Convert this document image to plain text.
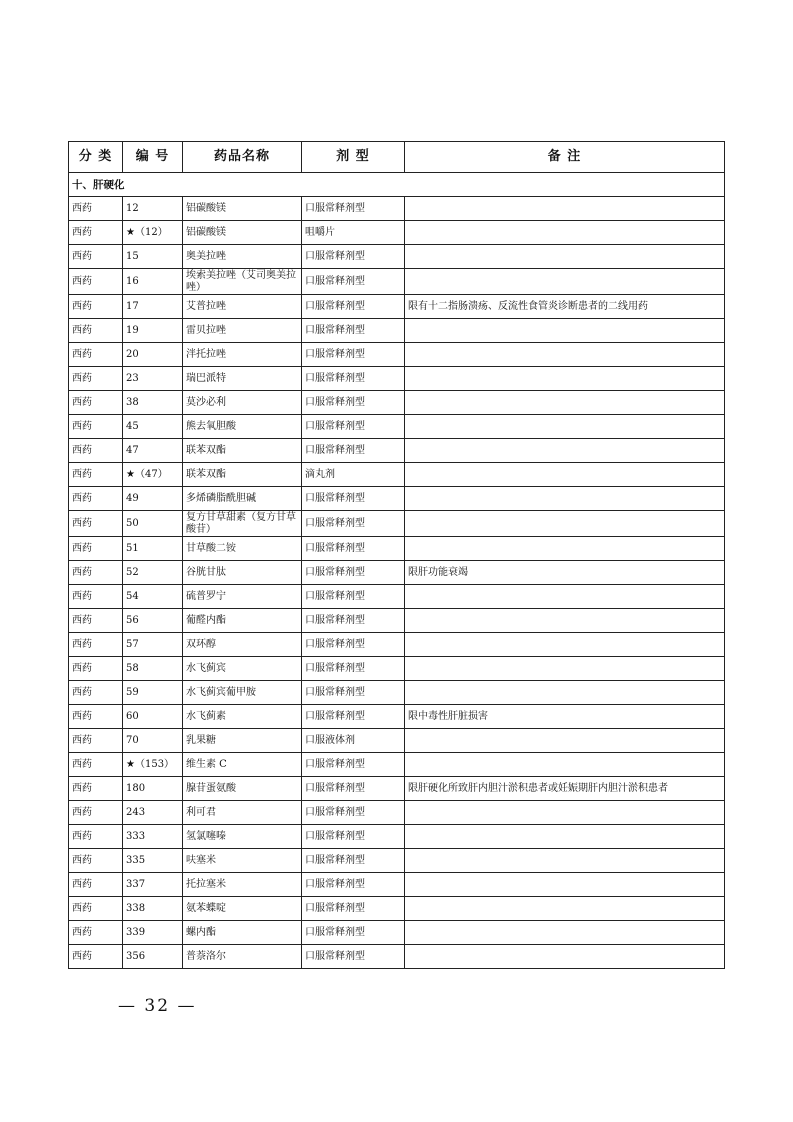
分 类	编 号	药品名称	剂 型	备 注
十、肝硬化				
西药	12	铝碳酸镁	口服常释剂型	
西药	★（12）	铝碳酸镁	咀嚼片	
西药	15	奥美拉唑	口服常释剂型	
西药	16	埃索美拉唑（艾司奥美拉唑）	口服常释剂型	
西药	17	艾普拉唑	口服常释剂型	限有十二指肠溃疡、反流性食管炎诊断患者的二线用药
西药	19	雷贝拉唑	口服常释剂型	
西药	20	泮托拉唑	口服常释剂型	
西药	23	瑞巴派特	口服常释剂型	
西药	38	莫沙必利	口服常释剂型	
西药	45	熊去氧胆酸	口服常释剂型	
西药	47	联苯双酯	口服常释剂型	
西药	★（47）	联苯双酯	滴丸剂	
西药	49	多烯磷脂酰胆碱	口服常释剂型	
西药	50	复方甘草甜素（复方甘草酸苷）	口服常释剂型	
西药	51	甘草酸二铵	口服常释剂型	
西药	52	谷胱甘肽	口服常释剂型	限肝功能衰竭
西药	54	硫普罗宁	口服常释剂型	
西药	56	葡醛内酯	口服常释剂型	
西药	57	双环醇	口服常释剂型	
西药	58	水飞蓟宾	口服常释剂型	
西药	59	水飞蓟宾葡甲胺	口服常释剂型	
西药	60	水飞蓟素	口服常释剂型	限中毒性肝脏损害
西药	70	乳果糖	口服液体剂	
西药	★（153）	维生素 C	口服常释剂型	
西药	180	腺苷蛋氨酸	口服常释剂型	限肝硬化所致肝内胆汁淤积患者或妊娠期肝内胆汁淤积患者
西药	243	利可君	口服常释剂型	
西药	333	氢氯噻嗪	口服常释剂型	
西药	335	呋塞米	口服常释剂型	
西药	337	托拉塞米	口服常释剂型	
西药	338	氨苯蝶啶	口服常释剂型	
西药	339	螺内酯	口服常释剂型	
西药	356	普萘洛尔	口服常释剂型	
— 32 —
